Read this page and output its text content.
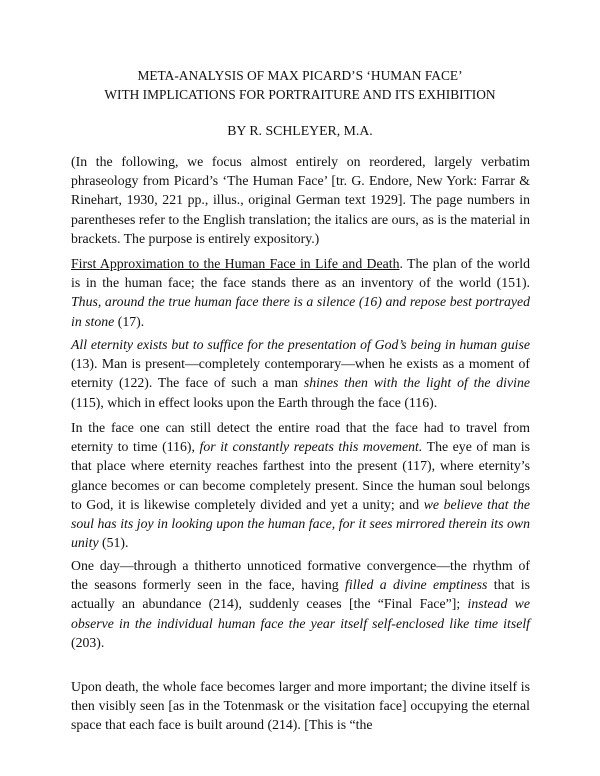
META-ANALYSIS OF MAX PICARD’S ‘HUMAN FACE’
WITH IMPLICATIONS FOR PORTRAITURE AND ITS EXHIBITION
BY R. SCHLEYER, M.A.

(In the following, we focus almost entirely on reordered, largely verbatim phraseology from Picard’s ‘The Human Face’ [tr. G. Endore, New York: Farrar & Rinehart, 1930, 221 pp., illus., original German text 1929]. The page numbers in parentheses refer to the English translation; the italics are ours, as is the material in brackets. The purpose is entirely expository.)

First Approximation to the Human Face in Life and Death. The plan of the world is in the human face; the face stands there as an inventory of the world (151). Thus, around the true human face there is a silence (16) and repose best portrayed in stone (17).

All eternity exists but to suffice for the presentation of God’s being in human guise (13). Man is present—completely contemporary—when he exists as a moment of eternity (122). The face of such a man shines then with the light of the divine (115), which in effect looks upon the Earth through the face (116).

In the face one can still detect the entire road that the face had to travel from eternity to time (116), for it constantly repeats this movement. The eye of man is that place where eternity reaches farthest into the present (117), where eternity’s glance becomes or can become completely present. Since the human soul belongs to God, it is likewise completely divided and yet a unity; and we believe that the soul has its joy in looking upon the human face, for it sees mirrored therein its own unity (51).

One day—through a thitherto unnoticed formative convergence—the rhythm of the seasons formerly seen in the face, having filled a divine emptiness that is actually an abundance (214), suddenly ceases [the “Final Face”]; instead we observe in the individual human face the year itself self-enclosed like time itself (203).

Upon death, the whole face becomes larger and more important; the divine itself is then visibly seen [as in the Totenmask or the visitation face] occupying the eternal space that each face is built around (214). [This is “the
